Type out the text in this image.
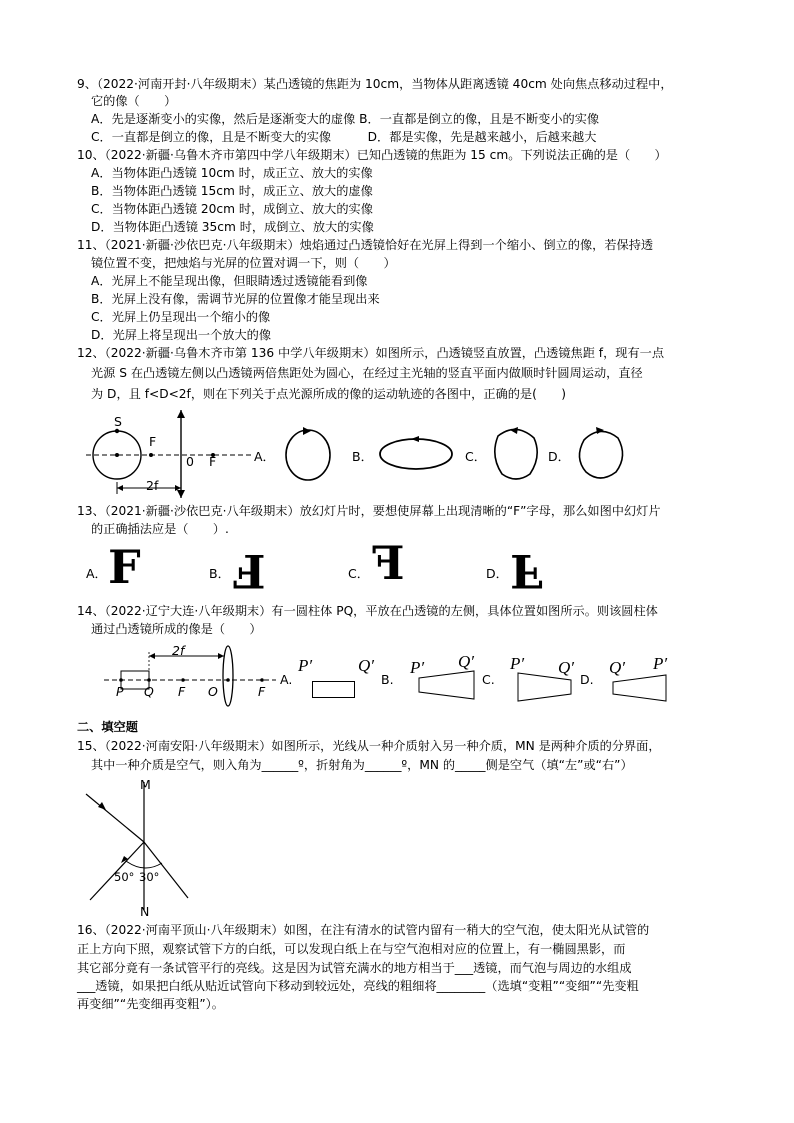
9、（2022·河南开封·八年级期末）某凸透镜的焦距为 10cm，当物体从距离透镜 40cm 处向焦点移动过程中，
它的像（　　）
A．先是逐渐变小的实像，然后是逐渐变大的虚像 B．一直都是倒立的像，且是不断变小的实像
C．一直都是倒立的像，且是不断变大的实像　　　D．都是实像，先是越来越小，后越来越大
10、（2022·新疆·乌鲁木齐市第四中学八年级期末）已知凸透镜的焦距为 15 cm。下列说法正确的是（　　）
A．当物体距凸透镜 10cm 时，成正立、放大的实像
B．当物体距凸透镜 15cm 时，成正立、放大的虚像
C．当物体距凸透镜 20cm 时，成倒立、放大的实像
D．当物体距凸透镜 35cm 时，成倒立、放大的实像
11、（2021·新疆·沙依巴克·八年级期末）烛焰通过凸透镜恰好在光屏上得到一个缩小、倒立的像，若保持透
镜位置不变，把烛焰与光屏的位置对调一下，则（　　）
A．光屏上不能呈现出像，但眼睛透过透镜能看到像
B．光屏上没有像，需调节光屏的位置像才能呈现出来
C．光屏上仍呈现出一个缩小的像
D．光屏上将呈现出一个放大的像
12、（2022·新疆·乌鲁木齐市第 136 中学八年级期末）如图所示，凸透镜竖直放置，凸透镜焦距 f，现有一点
光源 S 在凸透镜左侧以凸透镜两倍焦距处为圆心，在经过主光轴的竖直平面内做顺时针圆周运动，直径
为 D，且 f<D<2f，则在下列关于点光源所成的像的运动轨迹的各图中，正确的是(　　)
S
F
0 F
2f
A．	B．	C．	D．
13、（2021·新疆·沙依巴克·八年级期末）放幻灯片时，要想使屏幕上出现清晰的“F”字母，那么如图中幻灯片
的正确插法应是（　　）.
A． F	B． F	C． F	D． F
14、（2022·辽宁大连·八年级期末）有一圆柱体 PQ，平放在凸透镜的左侧，具体位置如图所示。则该圆柱体
通过凸透镜所成的像是（　　）
2f
P Q F O	F
A.
P′	Q′
B.
P′ Q′
C.
P′ Q′
D.
Q′ P′
二、填空题
15、（2022·河南安阳·八年级期末）如图所示，光线从一种介质射入另一种介质，MN 是两种介质的分界面，
其中一种介质是空气，则入角为______º，折射角为______º，MN 的_____侧是空气（填“左”或“右”）
M
N
50° 30°
16、（2022·河南平顶山·八年级期末）如图，在注有清水的试管内留有一稍大的空气泡，使太阳光从试管的
正上方向下照，观察试管下方的白纸，可以发现白纸上在与空气泡相对应的位置上，有一椭圆黑影，而
其它部分竟有一条试管平行的亮线。这是因为试管充满水的地方相当于___透镜，而气泡与周边的水组成
___透镜，如果把白纸从贴近试管向下移动到较远处，亮线的粗细将________（选填“变粗”“变细”“先变粗
再变细”“先变细再变粗”）。
